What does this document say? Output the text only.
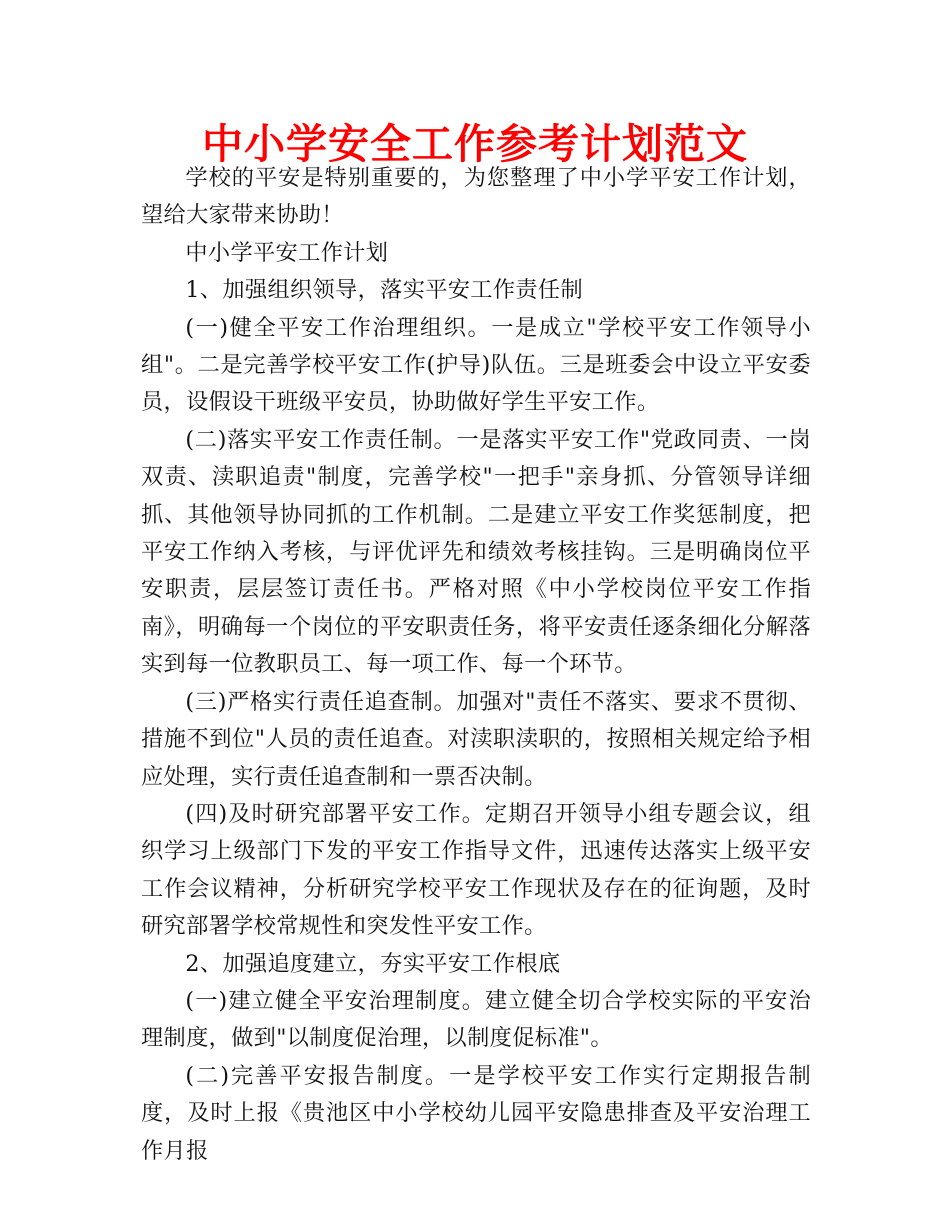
中小学安全工作参考计划范文

学校的平安是特别重要的，为您整理了中小学平安工作计划，望给大家带来协助！

中小学平安工作计划

1、加强组织领导，落实平安工作责任制

(一)健全平安工作治理组织。一是成立"学校平安工作领导小组"。二是完善学校平安工作(护导)队伍。三是班委会中设立平安委员，设假设干班级平安员，协助做好学生平安工作。

(二)落实平安工作责任制。一是落实平安工作"党政同责、一岗双责、渎职追责"制度，完善学校"一把手"亲身抓、分管领导详细抓、其他领导协同抓的工作机制。二是建立平安工作奖惩制度，把平安工作纳入考核，与评优评先和绩效考核挂钩。三是明确岗位平安职责，层层签订责任书。严格对照《中小学校岗位平安工作指南》，明确每一个岗位的平安职责任务，将平安责任逐条细化分解落实到每一位教职员工、每一项工作、每一个环节。

(三)严格实行责任追查制。加强对"责任不落实、要求不贯彻、措施不到位"人员的责任追查。对渎职渎职的，按照相关规定给予相应处理，实行责任追查制和一票否决制。

(四)及时研究部署平安工作。定期召开领导小组专题会议，组织学习上级部门下发的平安工作指导文件，迅速传达落实上级平安工作会议精神，分析研究学校平安工作现状及存在的征询题，及时研究部署学校常规性和突发性平安工作。

2、加强追度建立，夯实平安工作根底

(一)建立健全平安治理制度。建立健全切合学校实际的平安治理制度，做到"以制度促治理，以制度促标准"。

(二)完善平安报告制度。一是学校平安工作实行定期报告制度，及时上报《贵池区中小学校幼儿园平安隐患排查及平安治理工作月报
